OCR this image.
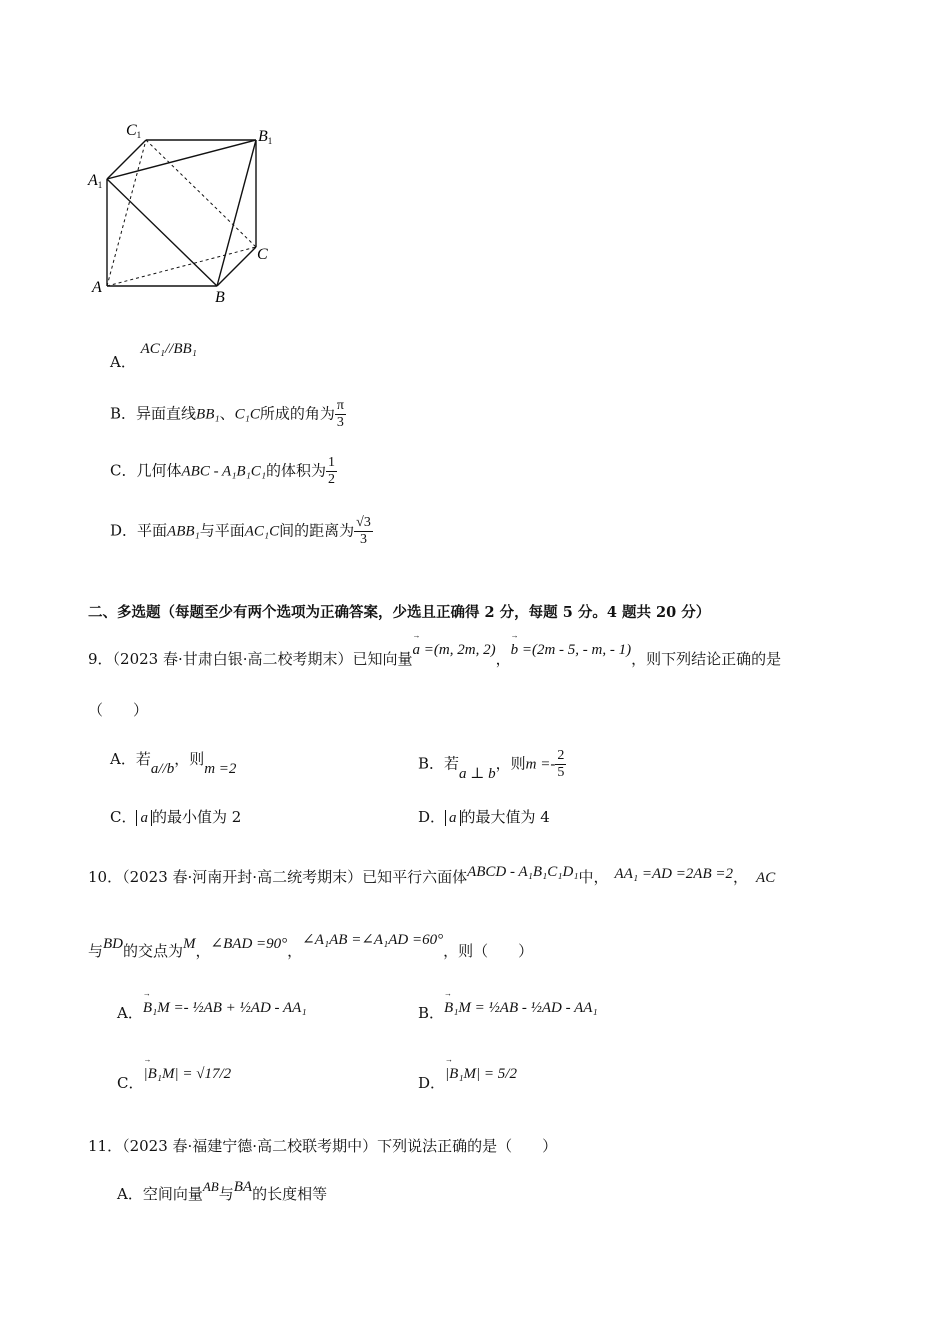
C1	B1
A1
C
A
B
A． AC₁//BB₁
B．异面直线BB₁、C₁C所成的角为 $\frac{\pi}{3}$
C．几何体ABC - A₁B₁C₁的体积为 $\frac{1}{2}$
D．平面ABB₁与平面AC₁C间的距离为 $\frac{√3}{3}$
二、多选题（每题至少有两个选项为正确答案，少选且正确得 2 分，每题 5 分。4 题共 20 分）
9．（2023 春·甘肃白银·高二校考期末）已知向量→ a =(m, 2m, 2)，→ b =(2m - 5, - m, - 1)，则下列结论正确的是
（　　）
A．若a//b，则m =2	B．若a ⊥ b，则$m =- \frac{2}{5}$
C． a 的最小值为 2	D． a 的最大值为 4
10．（2023 春·河南开封·高二统考期末）已知平行六面体ABCD - A₁B₁C₁D₁中， AA₁ =AD =2AB =2， AC
与BD的交点为M，∠BAD =90°，∠A₁AB =∠A₁AD =60°，则（　　）
A．→ B₁M =- ½AB + ½AD - AA₁	B．→ B₁M = ½AB - ½AD - AA₁
C．→ |B₁M| = √17/2	D．→ |B₁M| = 5/2
11．（2023 春·福建宁德·高二校联考期中）下列说法正确的是（　　）
A．空间向量AB与BA的长度相等
